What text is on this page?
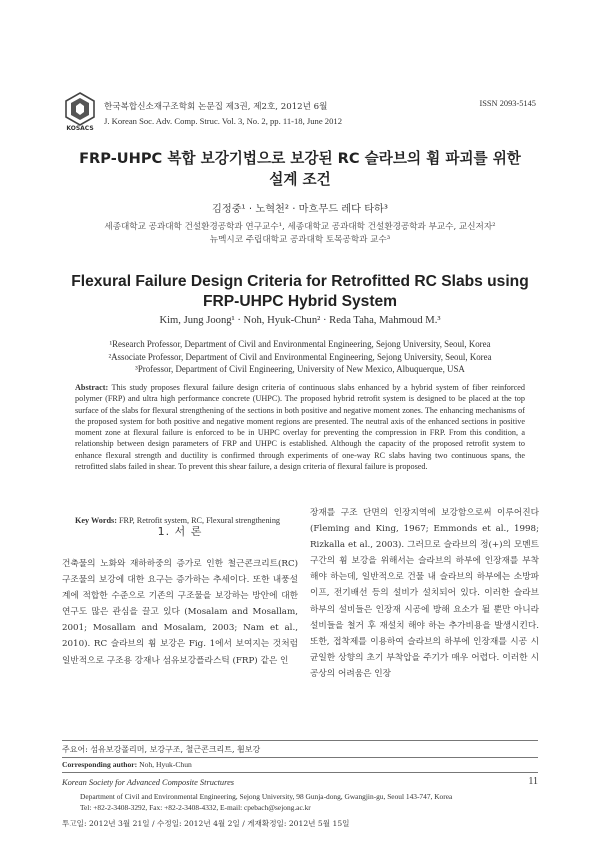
KOSACS
한국복합신소재구조학회 논문집 제3권, 제2호, 2012년 6월
J. Korean Soc. Adv. Comp. Struc. Vol. 3, No. 2, pp. 11-18, June 2012
ISSN 2093-5145
FRP-UHPC 복합 보강기법으로 보강된 RC 슬라브의 휨 파괴를 위한
설계 조건
김정중¹ · 노혁천² · 마흐무드 레다 타하³
세종대학교 공과대학 건설환경공학과 연구교수¹, 세종대학교 공과대학 건설환경공학과 부교수, 교신저자²
뉴멕시코 주립대학교 공과대학 토목공학과 교수³
Flexural Failure Design Criteria for Retrofitted RC Slabs using
FRP-UHPC Hybrid System
Kim, Jung Joong¹ · Noh, Hyuk-Chun² · Reda Taha, Mahmoud M.³
¹Research Professor, Department of Civil and Environmental Engineering, Sejong University, Seoul, Korea
²Associate Professor, Department of Civil and Environmental Engineering, Sejong University, Seoul, Korea
³Professor, Department of Civil Engineering, University of New Mexico, Albuquerque, USA
Abstract: This study proposes flexural failure design criteria of continuous slabs enhanced by a hybrid system of fiber reinforced polymer (FRP) and ultra high performance concrete (UHPC). The proposed hybrid retrofit system is designed to be placed at the top surface of the slabs for flexural strengthening of the sections in both positive and negative moment zones. The enhancing mechanisms of the proposed system for both positive and negative moment regions are presented. The neutral axis of the enhanced sections in positive moment zone at flexural failure is enforced to be in UHPC overlay for preventing the compression in FRP. From this condition, a relationship between design parameters of FRP and UHPC is established. Although the capacity of the proposed retrofit system to enhance flexural strength and ductility is confirmed through experiments of one-way RC slabs having two continuous spans, the retrofitted slabs failed in shear. To prevent this shear failure, a design criteria of flexural failure is proposed.
Key Words: FRP, Retrofit system, RC, Flexural strengthening
1. 서 론
건축물의 노화와 재하하중의 증가로 인한 철근콘크리트(RC) 구조물의 보강에 대한 요구는 증가하는 추세이다. 또한 내풍설계에 적합한 수준으로 기존의 구조물을 보강하는 방안에 대한 연구도 많은 관심을 끌고 있다 (Mosalam and Mosallam, 2001; Mosallam and Mosalam, 2003; Nam et al., 2010). RC 슬라브의 휨 보강은 Fig. 1에서 보여지는 것처럼 일반적으로 구조용 강재나 섬유보강플라스틱 (FRP) 같은 인
장재를 구조 단면의 인장지역에 보강함으로써 이루어진다 (Fleming and King, 1967; Emmonds et al., 1998; Rizkalla et al., 2003). 그러므로 슬라브의 정(+)의 모멘트 구간의 휨 보강을 위해서는 슬라브의 하부에 인장재를 부착해야 하는데, 일반적으로 건물 내 슬라브의 하부에는 소방파이프, 전기배선 등의 설비가 설치되어 있다. 이러한 슬라브 하부의 설비들은 인장재 시공에 방해 요소가 될 뿐만 아니라 설비들을 철거 후 재설치 해야 하는 추가비용을 발생시킨다. 또한, 접착제를 이용하여 슬라브의 하부에 인장재를 시공 시 균일한 상향의 초기 부착압을 주기가 매우 어렵다. 이러한 시공상의 어려움은 인장
주요어: 섬유보강폴리머, 보강구조, 철근콘크리트, 휨보강
Corresponding author: Noh, Hyuk-Chun
Korean Society for Advanced Composite Structures	11
Department of Civil and Environmental Engineering, Sejong University, 98 Gunja-dong, Gwangjin-gu, Seoul 143-747, Korea
Tel: +82-2-3408-3292, Fax: +82-2-3408-4332, E-mail: cpebach@sejong.ac.kr
투고일: 2012년 3월 21일 / 수정일: 2012년 4월 2일 / 게재확정일: 2012년 5월 15일
